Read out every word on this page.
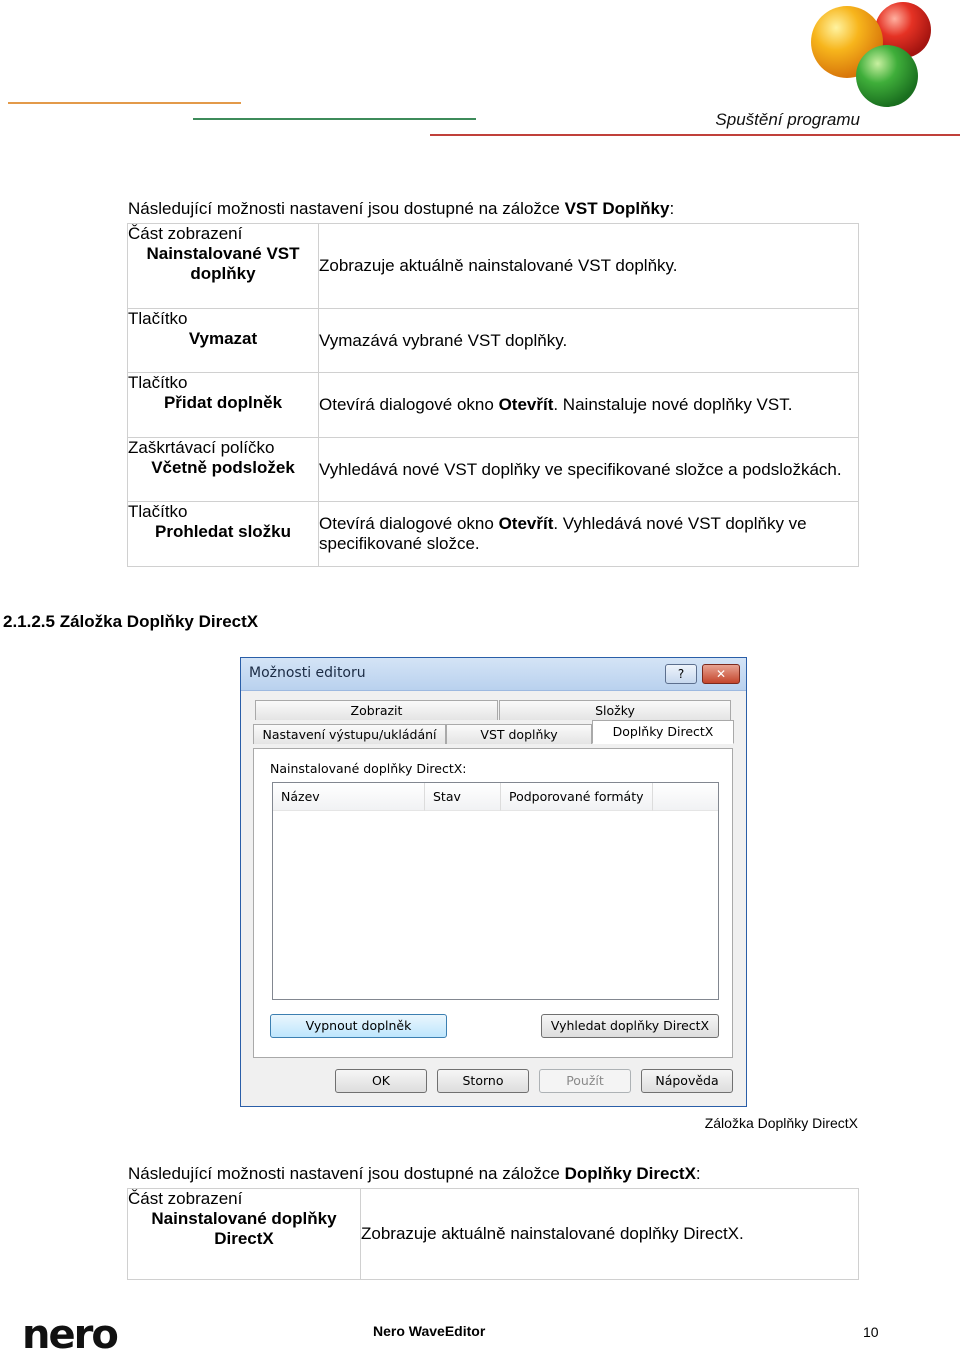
Spuštění programu
Následující možnosti nastavení jsou dostupné na záložce VST Doplňky:
Část zobrazení
Nainstalované VST doplňky	Zobrazuje aktuálně nainstalované VST doplňky.

Tlačítko
Vymazat	Vymazává vybrané VST doplňky.

Tlačítko
Přidat doplněk	Otevírá dialogové okno Otevřít. Nainstaluje nové doplňky VST.

Zaškrtávací políčko
Včetně podsložek	Vyhledává nové VST doplňky ve specifikované složce a podsložkách.

Tlačítko
Prohledat složku	Otevírá dialogové okno Otevřít. Vyhledává nové VST doplňky ve specifikované složce.
2.1.2.5 Záložka Doplňky DirectX
Možnosti editoru	?	✕
Zobrazit	Složky
Nastavení výstupu/ukládání	VST doplňky	Doplňky DirectX
Nainstalované doplňky DirectX:
Název	Stav	Podporované formáty
Vypnout doplněk	Vyhledat doplňky DirectX
OK	Storno	Použít	Nápověda
Záložka Doplňky DirectX
Následující možnosti nastavení jsou dostupné na záložce Doplňky DirectX:
Část zobrazení
Nainstalované doplňky DirectX	Zobrazuje aktuálně nainstalované doplňky DirectX.
nero	Nero WaveEditor	10
